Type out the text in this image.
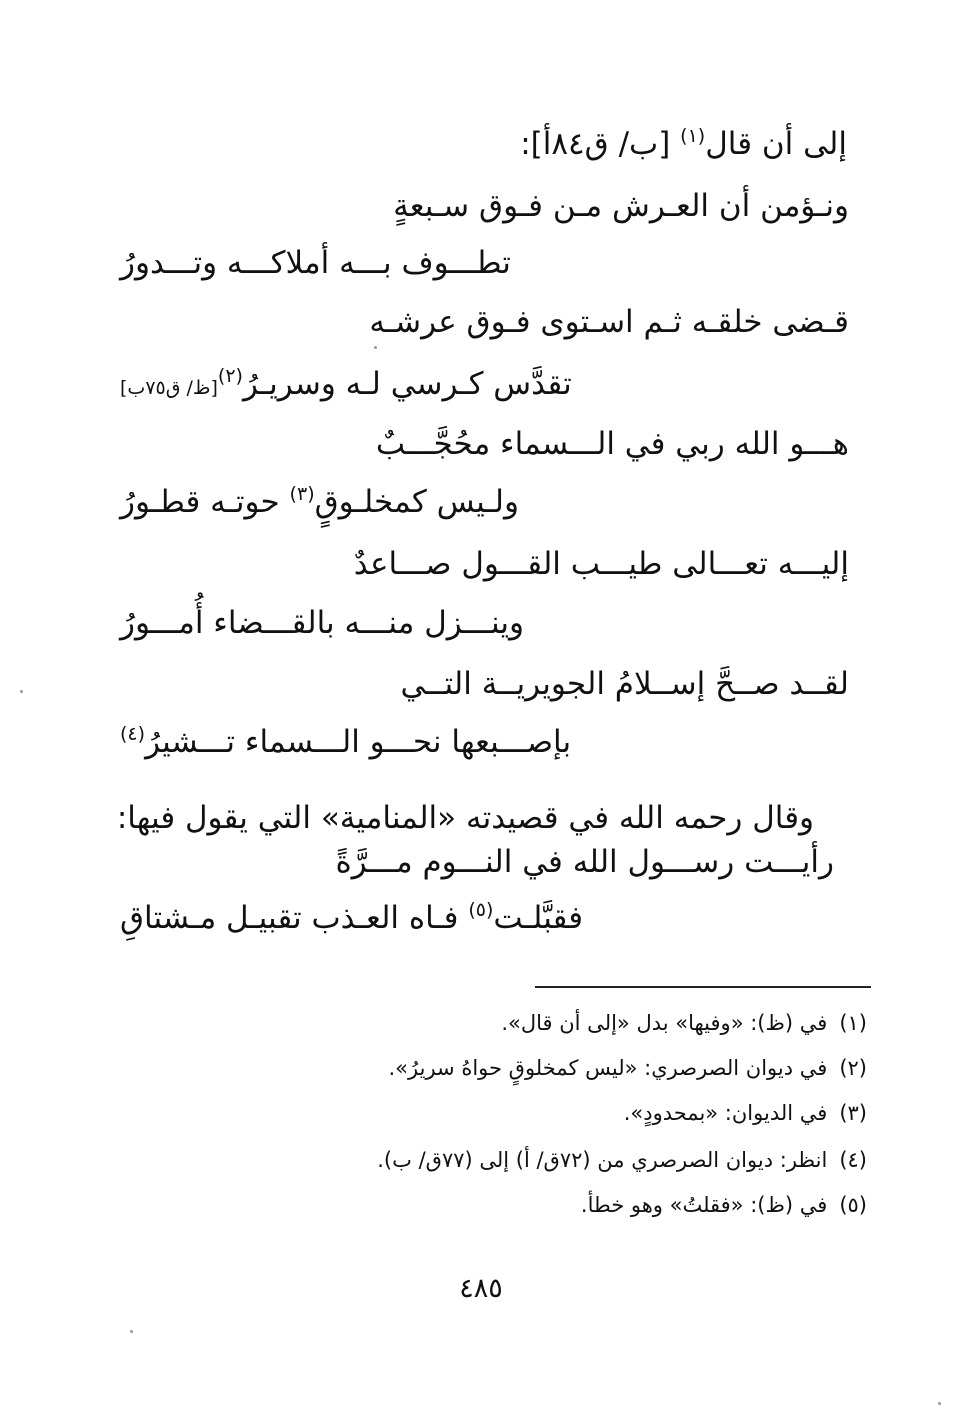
إلى أن قال$^{(١)}$ [ب/ ق٨٤أ]:
ونـؤمن أن العـرش مـن فـوق سـبعةٍ
تطـــوف بـــه أملاكـــه وتـــدورُ
قـضى خلقـه ثـم اسـتوى فـوق عرشـه
تقدَّس كـرسي لـه وسريـرُ$^{(٢)}$[ظ/ ق٧٥ب]
هـــو الله ربي في الـــسماء محُجَّـــبٌ
ولـيس كمخلـوقٍ$^{(٣)}$ حوتـه قطـورُ
إليـــه تعـــالى طيـــب القـــول صـــاعدٌ
وينـــزل منـــه بالقـــضاء أُمـــورُ
لقــد صــحَّ إســلامُ الجويريــة التــي
بإصـــبعها نحـــو الـــسماء تـــشيرُ$^{(٤)}$
وقال رحمه الله في قصيدته «المنامية» التي يقول فيها:
رأيـــت رســـول الله في النـــوم مـــرَّةً
فقبَّلـت$^{(٥)}$ فـاه العـذب تقبيـل مـشتاقِ
(١)في (ظ): «وفيها» بدل «إلى أن قال».
(٢)في ديوان الصرصري: «ليس كمخلوقٍ حواهُ سريرُ».
(٣)في الديوان: «بمحدودٍ».
(٤)انظر: ديوان الصرصري من (٧٢ق/ أ) إلى (٧٧ق/ ب).
(٥)في (ظ): «فقلتُ» وهو خطأ.
٤٨٥
